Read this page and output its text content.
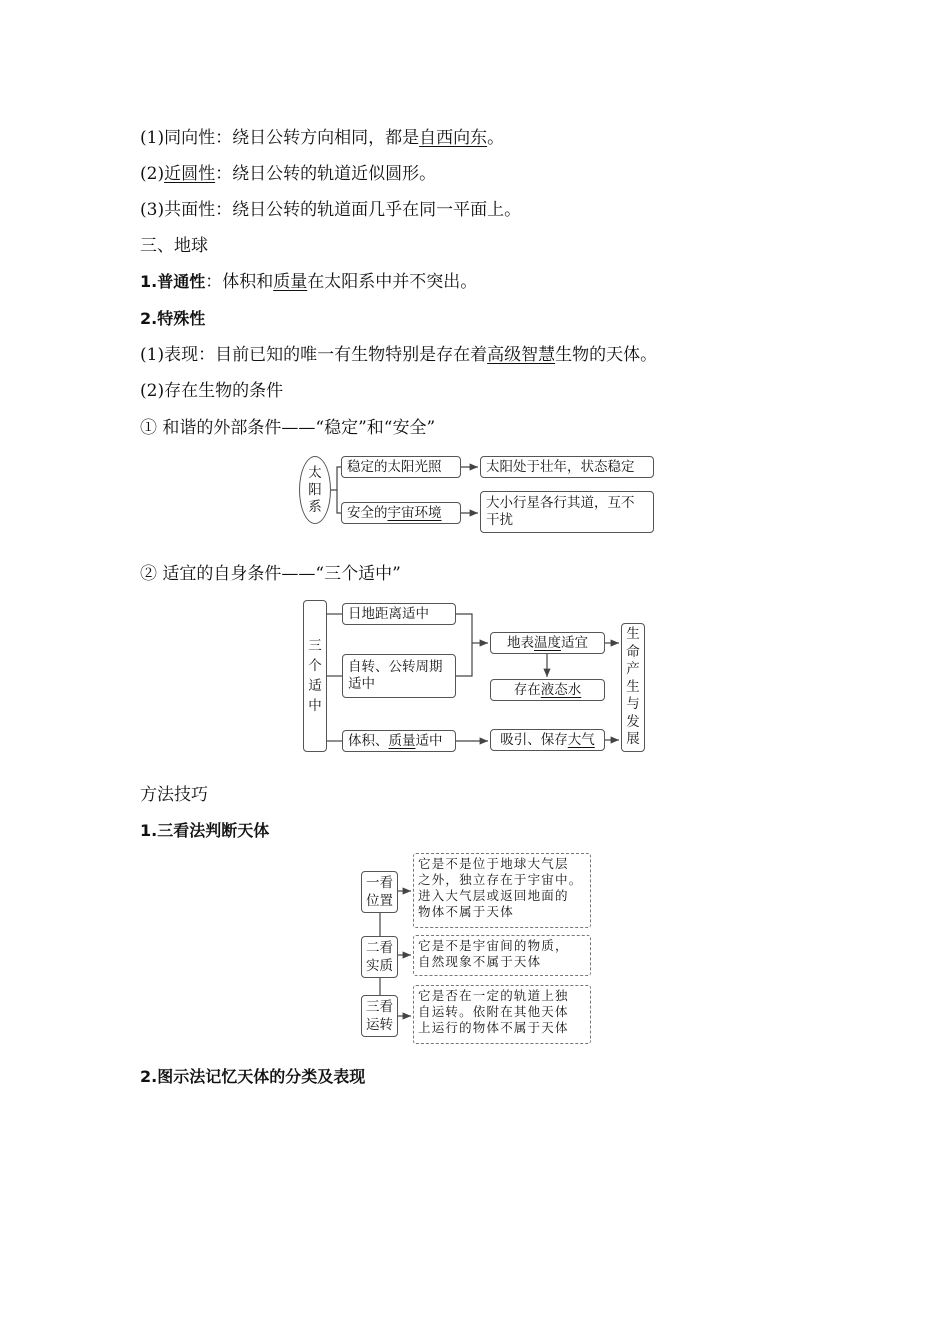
(1)同向性：绕日公转方向相同，都是自西向东。
(2)近圆性：绕日公转的轨道近似圆形。
(3)共面性：绕日公转的轨道面几乎在同一平面上。
三、地球
1.普通性：体积和质量在太阳系中并不突出。
2.特殊性
(1)表现：目前已知的唯一有生物特别是存在着高级智慧生物的天体。
(2)存在生物的条件
① 和谐的外部条件——“稳定”和“安全”
太
阳
系
稳定的太阳光照	太阳处于壮年，状态稳定
安全的 宇宙环境
大小行星各行其道，互不
干扰
② 适宜的自身条件——“三个适中”
三
个
适
中
日地距离适中
自转、公转周期
适中
体积、 质量 适中
地表 温度 适宜
存在 液态水
吸引、保存 大气
生
命
产
生
与
发
展
方法技巧
1.三看法判断天体
一看
位置
二看
实质
三看
运转
它是不是位于地球大气层
之外，独立存在于宇宙中。
进入大气层或返回地面的
物体不属于天体
它是不是宇宙间的物质，
自然现象不属于天体
它是否在一定的轨道上独
自运转。依附在其他天体
上运行的物体不属于天体
2.图示法记忆天体的分类及表现
